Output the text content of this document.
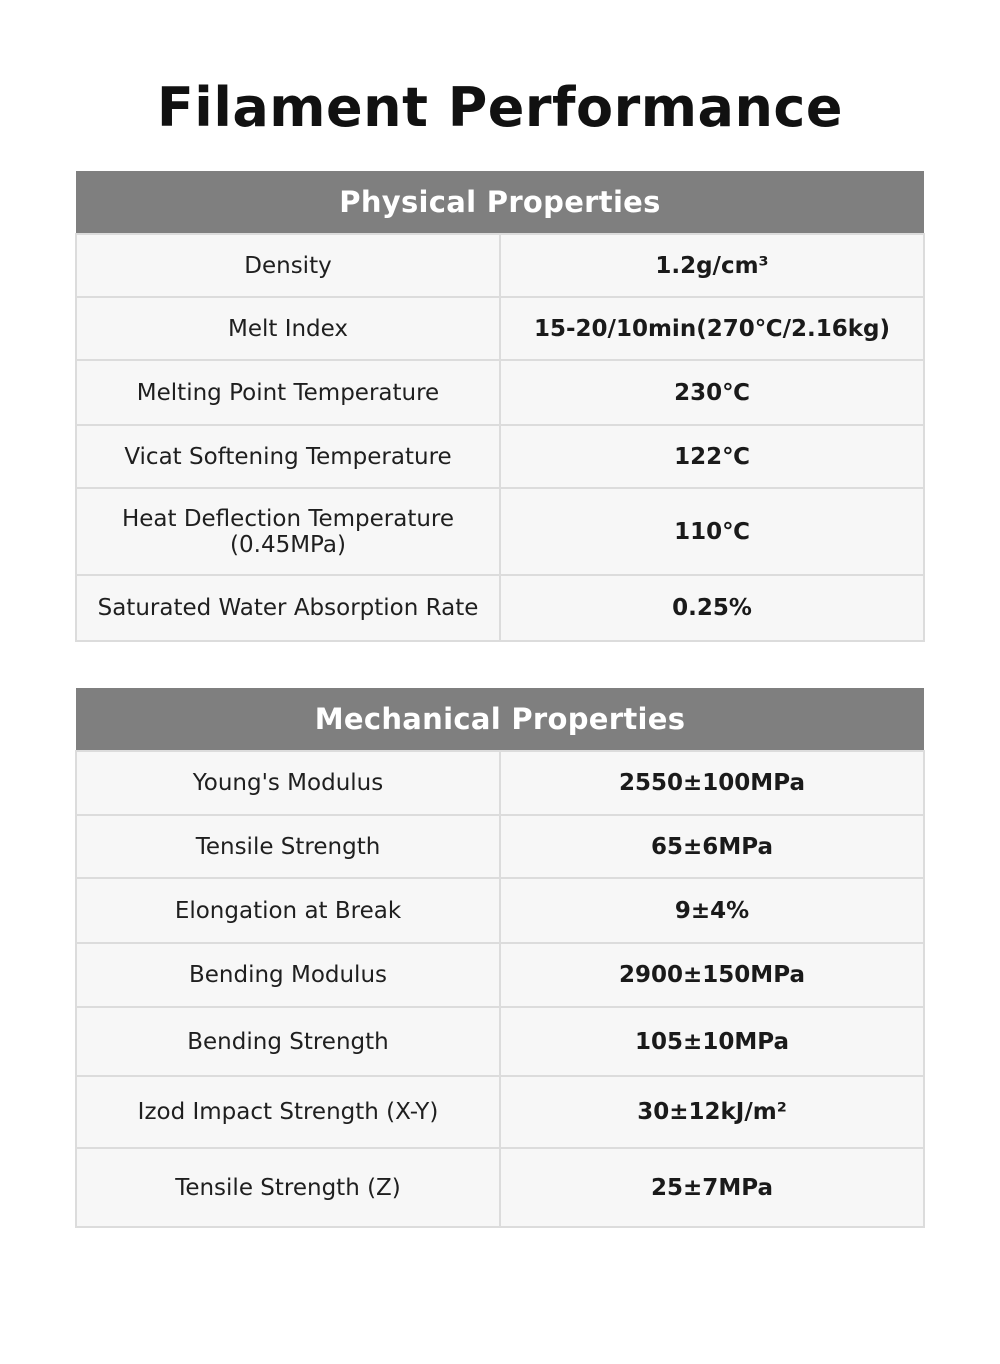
Filament Performance
Physical Properties	
Density	1.2g/cm³
Melt Index	15-20/10min(270℃/2.16kg)
Melting Point Temperature	230℃
Vicat Softening Temperature	122℃

Heat Deflection Temperature
(0.45MPa)	110℃
Saturated Water Absorption Rate	0.25%
Mechanical Properties	
Young's Modulus	2550±100MPa
Tensile Strength	65±6MPa
Elongation at Break	9±4%
Bending Modulus	2900±150MPa
Bending Strength	105±10MPa
Izod Impact Strength (X-Y)	30±12kJ/m²
Tensile Strength (Z)	25±7MPa
